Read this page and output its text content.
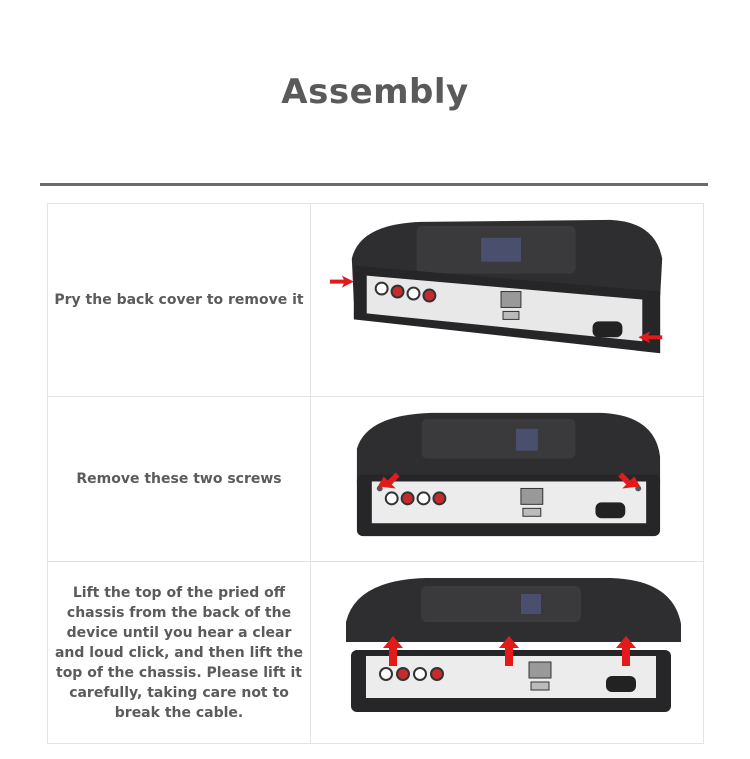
Assembly
Pry the back cover to remove it
Remove these two screws
Lift the top of the pried off chassis from the back of the device until you hear a clear and loud click, and then lift the top of the chassis. Please lift it carefully, taking care not to break the cable.
